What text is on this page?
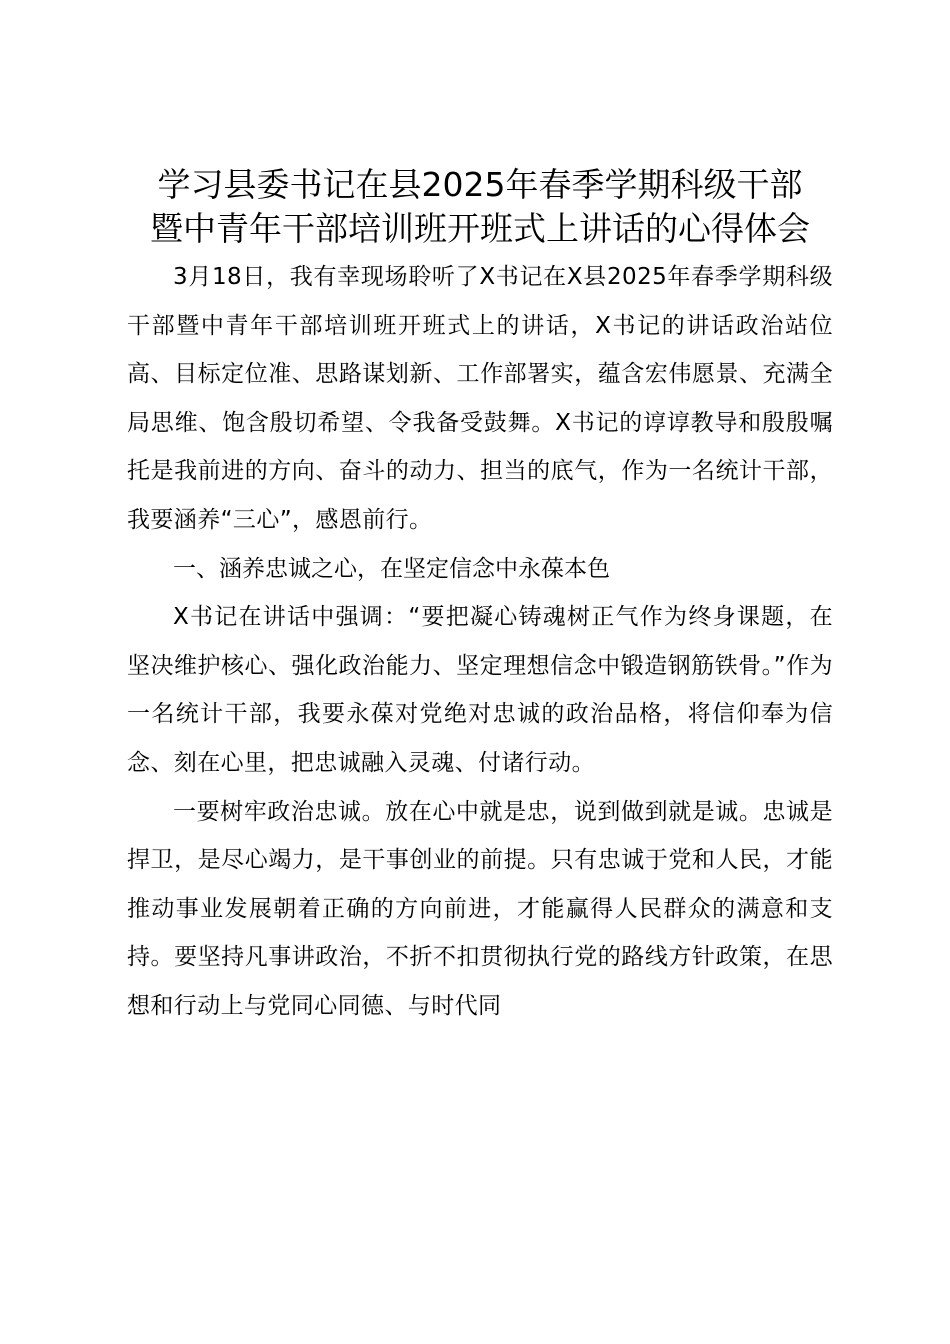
学习县委书记在县2025年春季学期科级干部
暨中青年干部培训班开班式上讲话的心得体会

3月18日，我有幸现场聆听了X书记在X县2025年春季学期科级干部暨中青年干部培训班开班式上的讲话，X书记的讲话政治站位高、目标定位准、思路谋划新、工作部署实，蕴含宏伟愿景、充满全局思维、饱含殷切希望、令我备受鼓舞。X书记的谆谆教导和殷殷嘱托是我前进的方向、奋斗的动力、担当的底气，作为一名统计干部，我要涵养“三心”，感恩前行。

一、涵养忠诚之心，在坚定信念中永葆本色

X书记在讲话中强调：“要把凝心铸魂树正气作为终身课题，在坚决维护核心、强化政治能力、坚定理想信念中锻造钢筋铁骨。”作为一名统计干部，我要永葆对党绝对忠诚的政治品格，将信仰奉为信念、刻在心里，把忠诚融入灵魂、付诸行动。

一要树牢政治忠诚。放在心中就是忠，说到做到就是诚。忠诚是捍卫，是尽心竭力，是干事创业的前提。只有忠诚于党和人民，才能推动事业发展朝着正确的方向前进，才能赢得人民群众的满意和支持。要坚持凡事讲政治，不折不扣贯彻执行党的路线方针政策，在思想和行动上与党同心同德、与时代同
